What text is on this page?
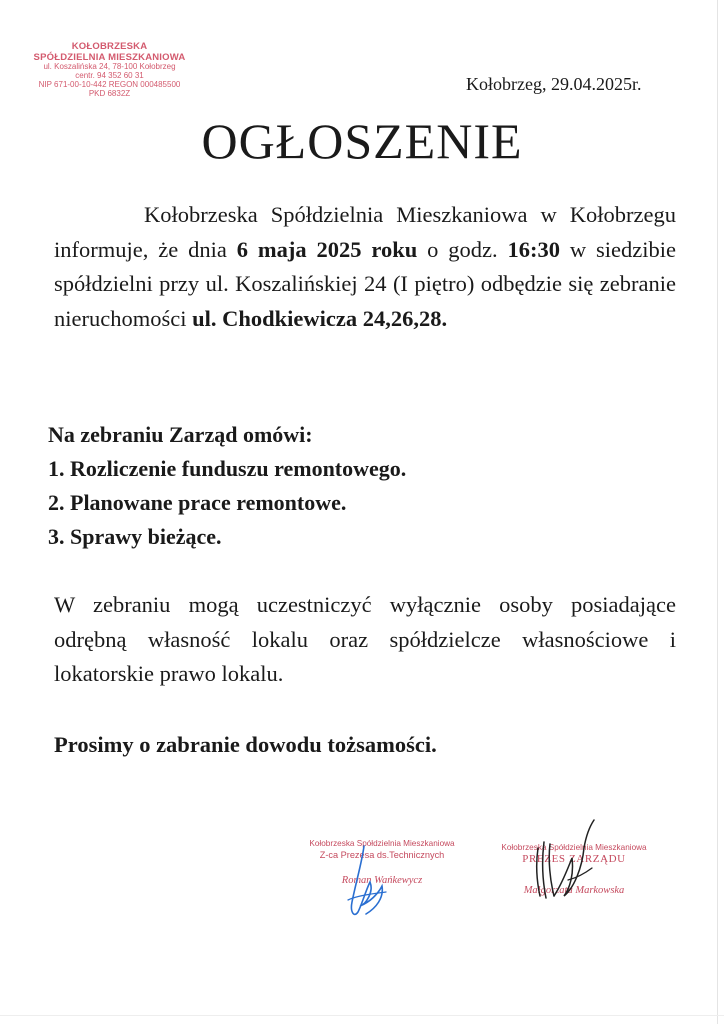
KOŁOBRZESKA
SPÓŁDZIELNIA MIESZKANIOWA
ul. Koszalińska 24, 78-100 Kołobrzeg
centr. 94 352 60 31
NIP 671-00-10-442 REGON 000485500
PKD 6832Z	Kołobrzeg, 29.04.2025r.
OGŁOSZENIE
Kołobrzeska Spółdzielnia Mieszkaniowa w Kołobrzegu informuje, że dnia 6 maja 2025 roku o godz. 16:30 w siedzibie spółdzielni przy ul. Koszalińskiej 24 (I piętro) odbędzie się zebranie nieruchomości ul. Chodkiewicza 24,26,28.
Na zebraniu Zarząd omówi:
1. Rozliczenie funduszu remontowego.
2. Planowane prace remontowe.
3. Sprawy bieżące.
W zebraniu mogą uczestniczyć wyłącznie osoby posiadające odrębną własność lokalu oraz spółdzielcze własnościowe i lokatorskie prawo lokalu.
Prosimy o zabranie dowodu tożsamości.
Kołobrzeska Spółdzielnia Mieszkaniowa
Z-ca Prezesa ds.Technicznych
Roman Wańkewycz
Kołobrzeska Spółdzielnia Mieszkaniowa
PREZES ZARZĄDU
Małgorzata Markowska
